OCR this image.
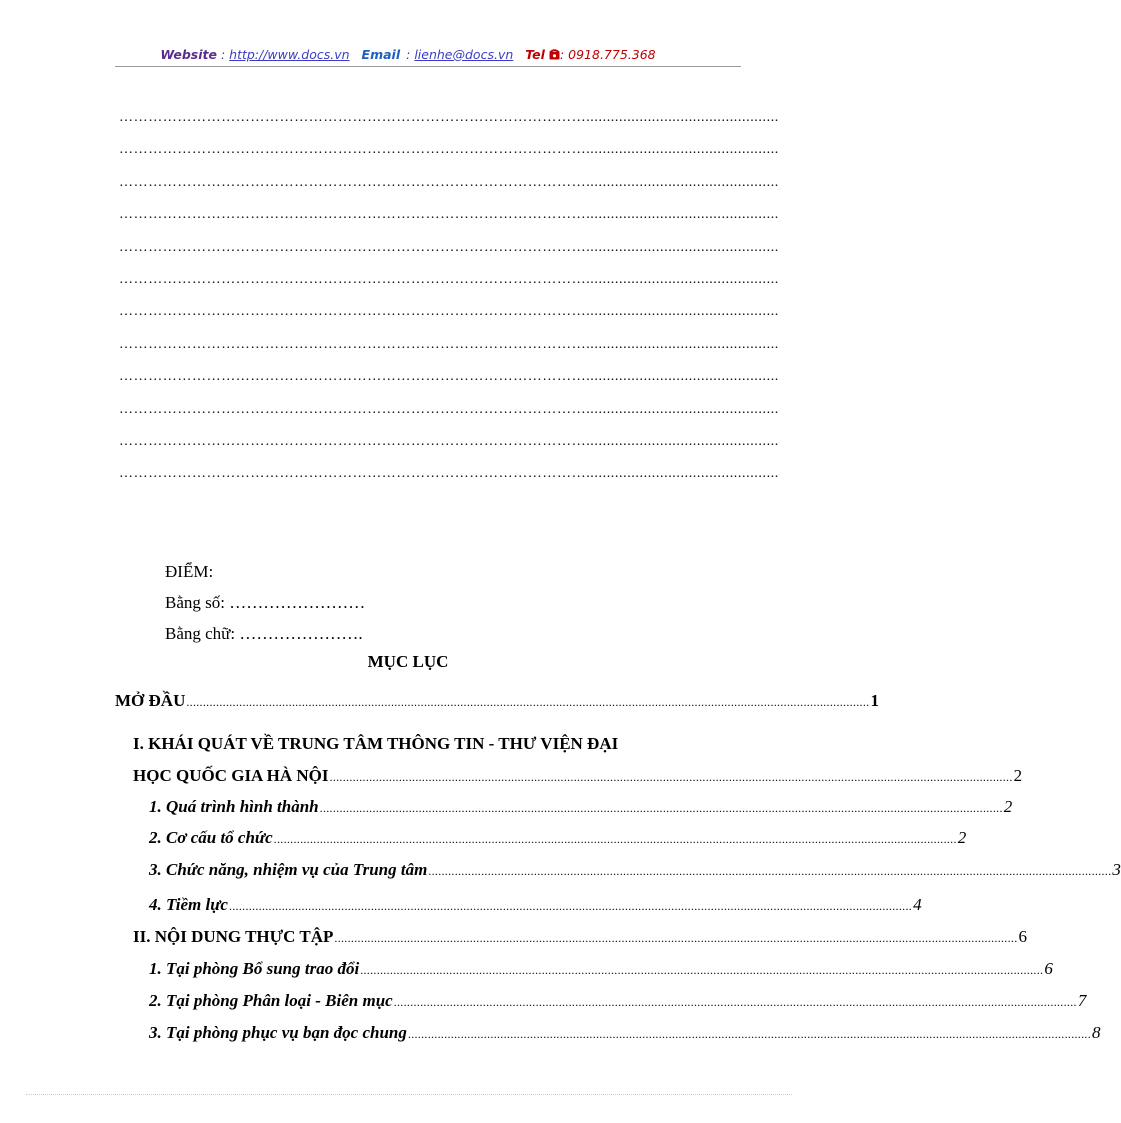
Website : http://www.docs.vn Email : lienhe@docs.vn Tel : 0918.775.368
……………………………………………………………………………………...............................................
……………………………………………………………………………………...............................................
……………………………………………………………………………………...............................................
……………………………………………………………………………………...............................................
……………………………………………………………………………………...............................................
……………………………………………………………………………………...............................................
……………………………………………………………………………………...............................................
……………………………………………………………………………………...............................................
……………………………………………………………………………………...............................................
……………………………………………………………………………………...............................................
……………………………………………………………………………………...............................................
……………………………………………………………………………………...............................................
ĐIỂM:
Bằng số: ……………………
Bằng chữ: ………………….
MỤC LỤC
MỞ ĐẦU ............................................................................................................................................................................................................... 1
I. KHÁI QUÁT VỀ TRUNG TÂM THÔNG TIN - THƯ VIỆN ĐẠI
HỌC QUỐC GIA HÀ NỘI ............................................................................................................................................................................................................... 2
1. Quá trình hình thành ............................................................................................................................................................................................................... 2
2. Cơ cấu tổ chức ............................................................................................................................................................................................................... 2
3. Chức năng, nhiệm vụ của Trung tâm ............................................................................................................................................................................................................... 3
4. Tiềm lực ............................................................................................................................................................................................................... 4
II. NỘI DUNG THỰC TẬP ............................................................................................................................................................................................................... 6
1. Tại phòng Bổ sung trao đổi ............................................................................................................................................................................................................... 6
2. Tại phòng Phân loại - Biên mục ............................................................................................................................................................................................................... 7
3. Tại phòng phục vụ bạn đọc chung ............................................................................................................................................................................................................... 8
